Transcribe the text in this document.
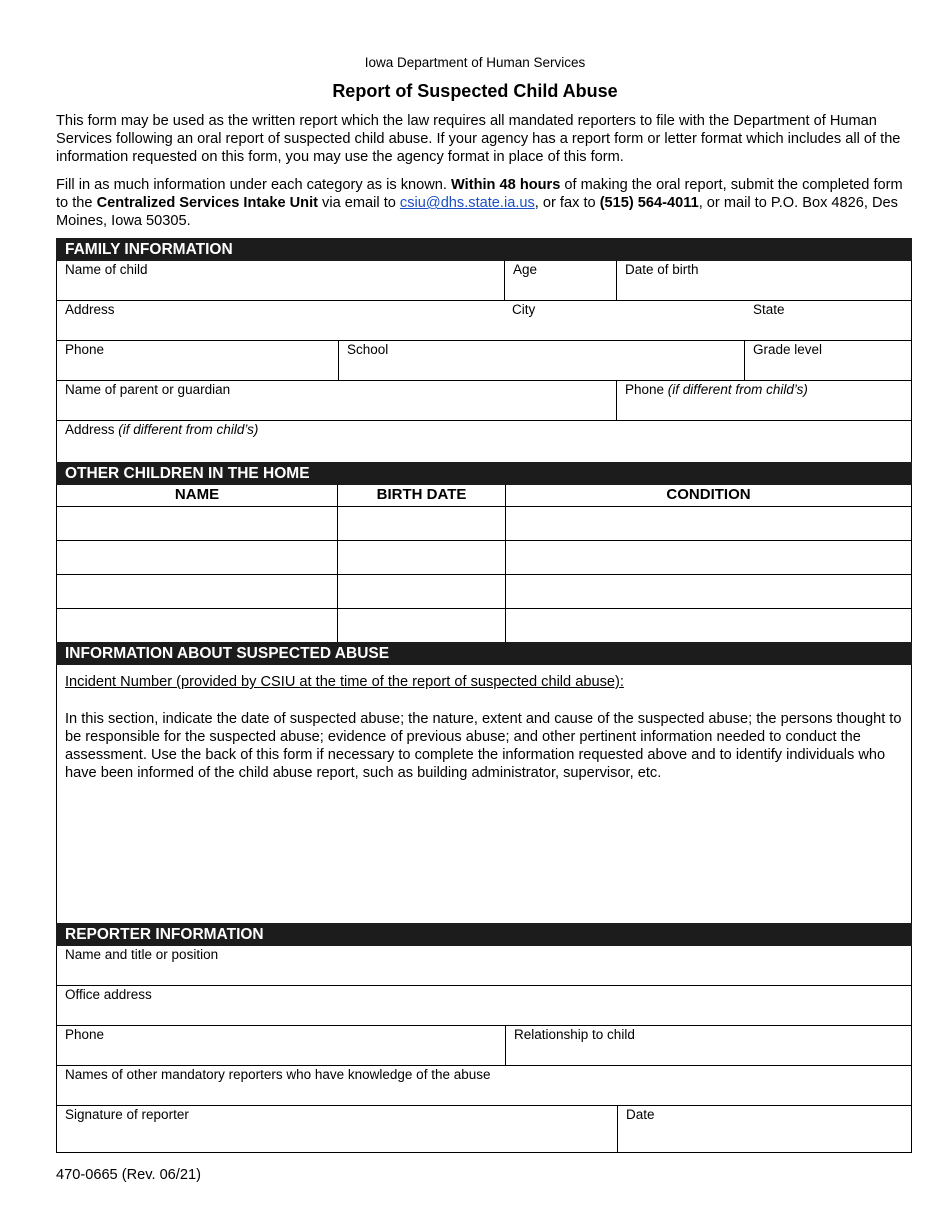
Iowa Department of Human Services
Report of Suspected Child Abuse

This form may be used as the written report which the law requires all mandated reporters to file with the Department of Human Services following an oral report of suspected child abuse. If your agency has a report form or letter format which includes all of the information requested on this form, you may use the agency format in place of this form.

Fill in as much information under each category as is known. Within 48 hours of making the oral report, submit the completed form to the Centralized Services Intake Unit via email to csiu@dhs.state.ia.us, or fax to (515) 564-4011, or mail to P.O. Box 4826, Des Moines, Iowa 50305.

FAMILY INFORMATION
Name of child	Age	Date of birth
Address	City	State
Phone	School	Grade level
Name of parent or guardian	Phone (if different from child’s)
Address (if different from child’s)
OTHER CHILDREN IN THE HOME
NAME	BIRTH DATE	CONDITION
INFORMATION ABOUT SUSPECTED ABUSE
Incident Number (provided by CSIU at the time of the report of suspected child abuse):
In this section, indicate the date of suspected abuse; the nature, extent and cause of the suspected abuse; the persons thought to be responsible for the suspected abuse; evidence of previous abuse; and other pertinent information needed to conduct the assessment. Use the back of this form if necessary to complete the information requested above and to identify individuals who have been informed of the child abuse report, such as building administrator, supervisor, etc.
REPORTER INFORMATION
Name and title or position
Office address
Phone	Relationship to child
Names of other mandatory reporters who have knowledge of the abuse
Signature of reporter	Date
470-0665 (Rev. 06/21)
